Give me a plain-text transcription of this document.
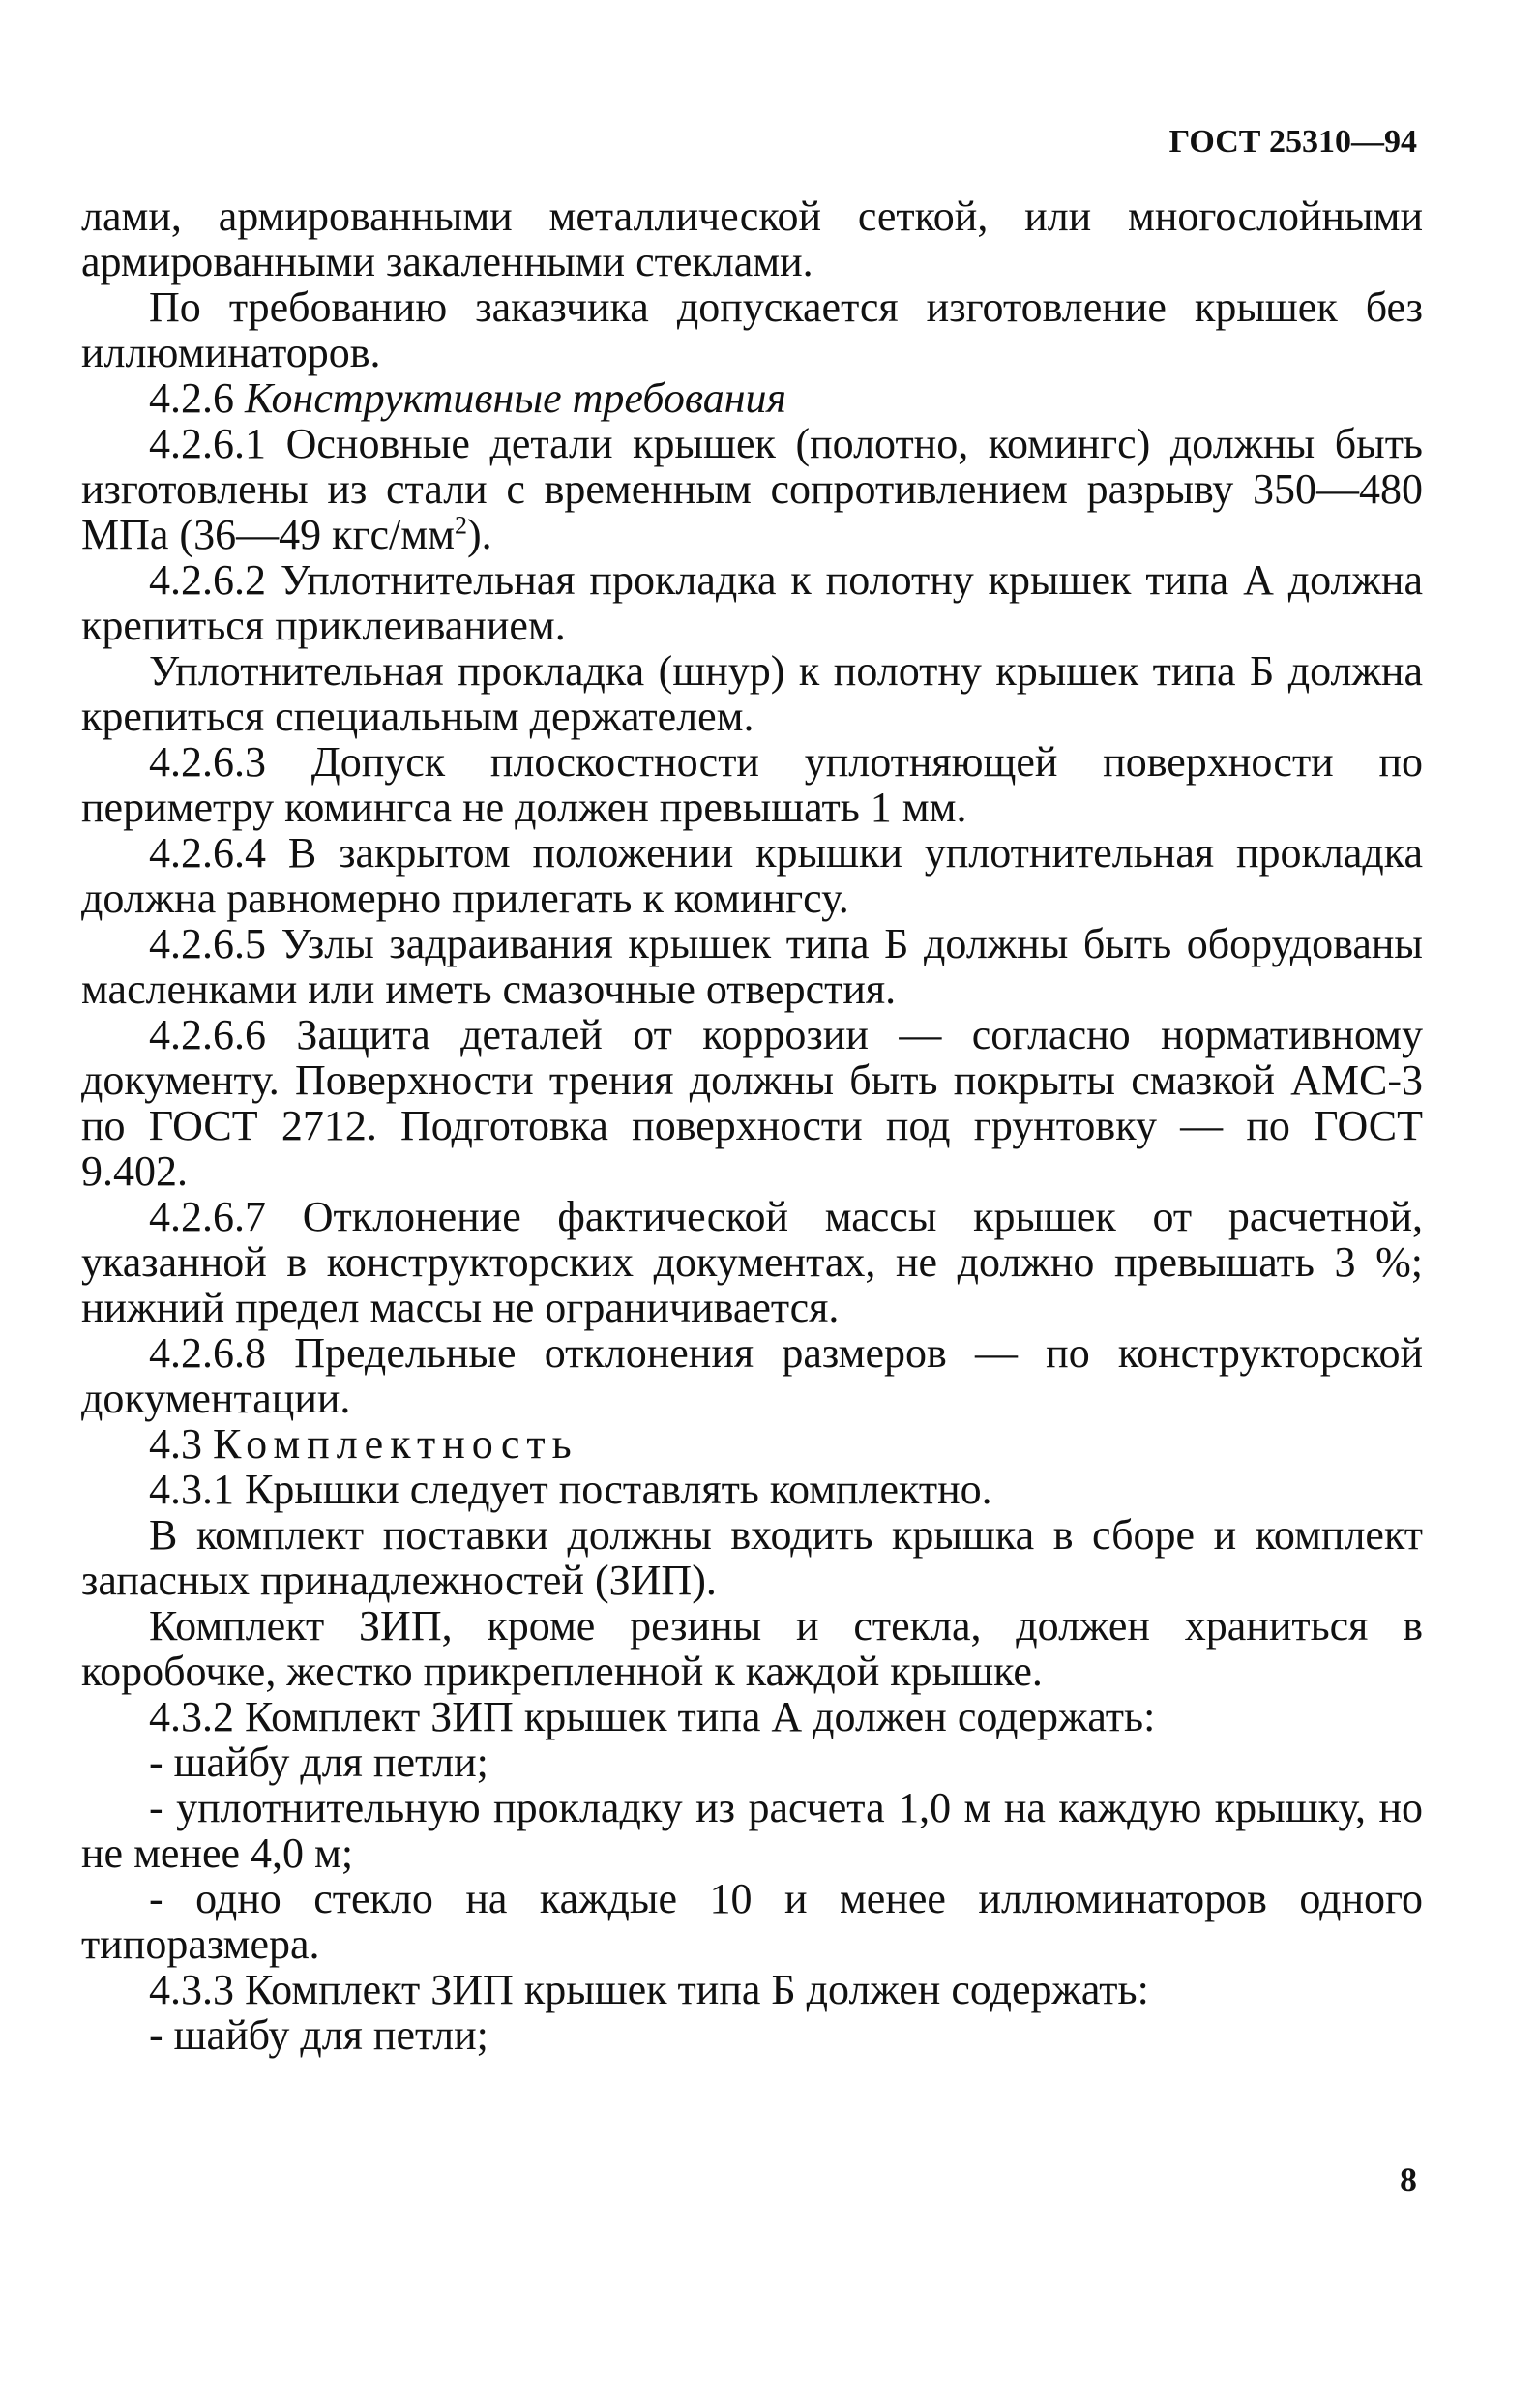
ГОСТ 25310—94

лами, армированными металлической сеткой, или многослойными армированными закаленными стеклами.

По требованию заказчика допускается изготовление крышек без иллюминаторов.

4.2.6 Конструктивные требования

4.2.6.1 Основные детали крышек (полотно, комингс) должны быть изготовлены из стали с временным сопротивлением разрыву 350—480 МПа (36—49 кгс/$мм^2$).

4.2.6.2 Уплотнительная прокладка к полотну крышек типа А должна крепиться приклеиванием.

Уплотнительная прокладка (шнур) к полотну крышек типа Б должна крепиться специальным держателем.

4.2.6.3 Допуск плоскостности уплотняющей поверхности по периметру комингса не должен превышать 1 мм.

4.2.6.4 В закрытом положении крышки уплотнительная прокладка должна равномерно прилегать к комингсу.

4.2.6.5 Узлы задраивания крышек типа Б должны быть оборудованы масленками или иметь смазочные отверстия.

4.2.6.6 Защита деталей от коррозии — согласно нормативному документу. Поверхности трения должны быть покрыты смазкой АМС-3 по ГОСТ 2712. Подготовка поверхности под грунтовку — по ГОСТ 9.402.

4.2.6.7 Отклонение фактической массы крышек от расчетной, указанной в конструкторских документах, не должно превышать 3 %; нижний предел массы не ограничивается.

4.2.6.8 Предельные отклонения размеров — по конструкторской документации.

4.3 Комплектность

4.3.1 Крышки следует поставлять комплектно.

В комплект поставки должны входить крышка в сборе и комплект запасных принадлежностей (ЗИП).

Комплект ЗИП, кроме резины и стекла, должен храниться в коробочке, жестко прикрепленной к каждой крышке.

4.3.2 Комплект ЗИП крышек типа А должен содержать:

- шайбу для петли;

- уплотнительную прокладку из расчета 1,0 м на каждую крышку, но не менее 4,0 м;

- одно стекло на каждые 10 и менее иллюминаторов одного типоразмера.

4.3.3 Комплект ЗИП крышек типа Б должен содержать:

- шайбу для петли;

8
